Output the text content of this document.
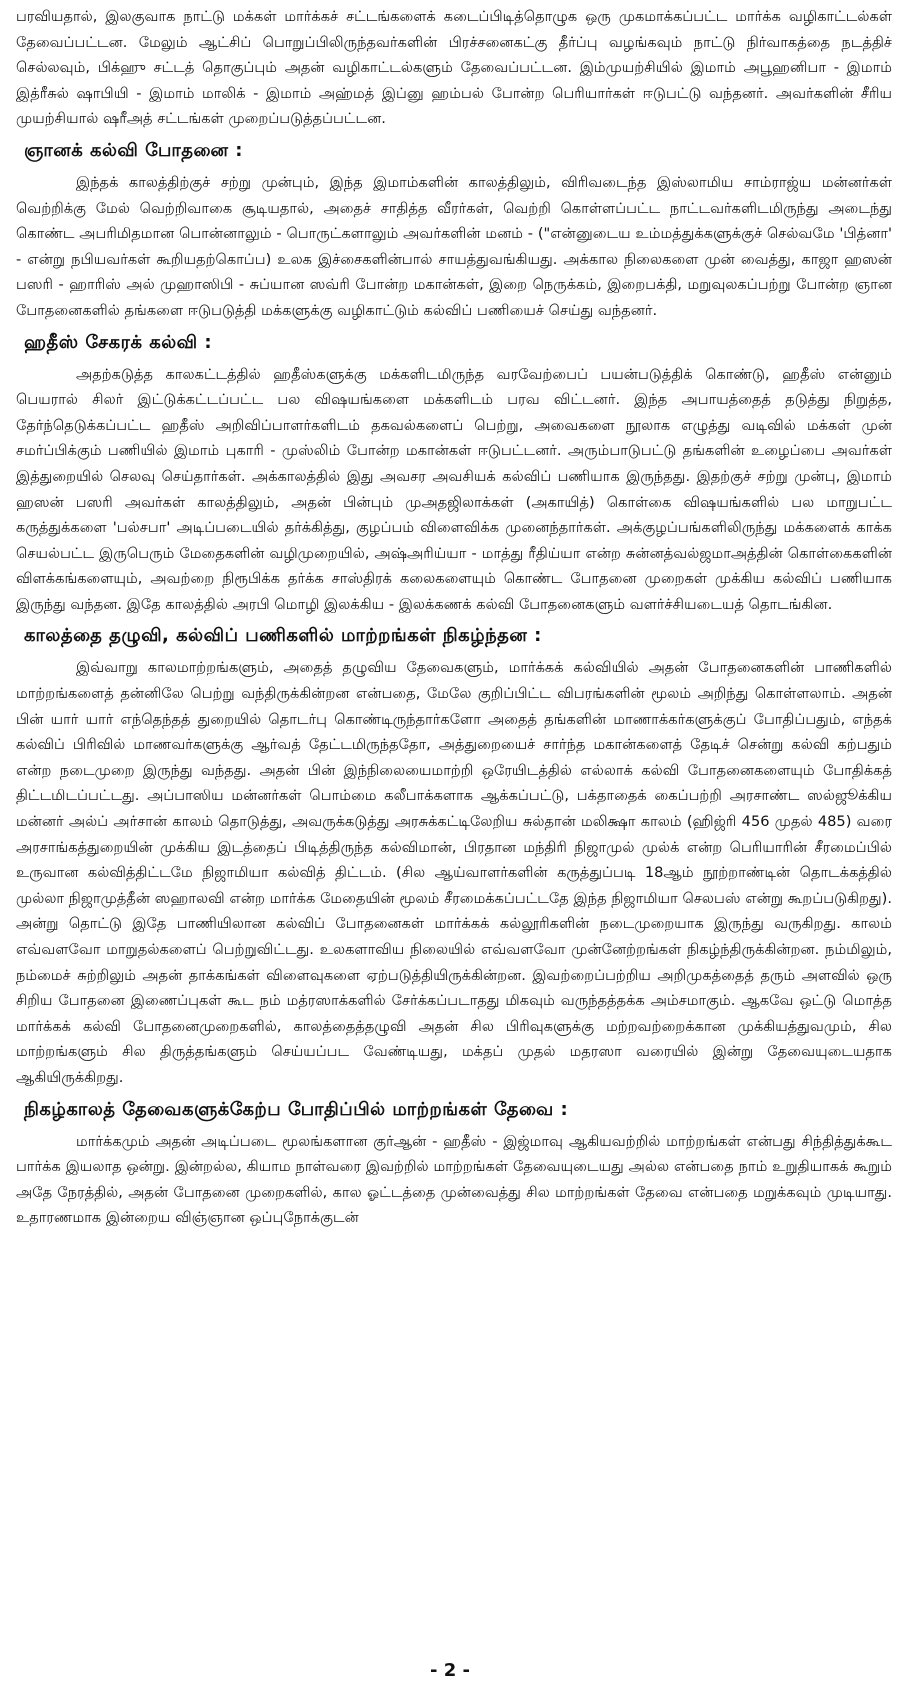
பரவியதால், இலகுவாக நாட்டு மக்கள் மார்க்கச் சட்டங்களைக் கடைப்பிடித்தொழுக ஒரு முகமாக்கப்பட்ட மார்க்க வழிகாட்டல்கள் தேவைப்பட்டன. மேலும் ஆட்சிப் பொறுப்பிலிருந்தவர்களின் பிரச்சனைகட்கு தீர்ப்பு வழங்கவும் நாட்டு நிர்வாகத்தை நடத்திச் செல்லவும், பிக்ஹு சட்டத் தொகுப்பும் அதன் வழிகாட்டல்களும் தேவைப்பட்டன. இம்முயற்சியில் இமாம் அபூஹனிபா - இமாம் இத்ரீசுல் ஷாபியி - இமாம் மாலிக் - இமாம் அஹ்மத் இப்னு ஹம்பல் போன்ற பெரியார்கள் ஈடுபட்டு வந்தனர். அவர்களின் சீரிய முயற்சியால் ஷரீஅத் சட்டங்கள் முறைப்படுத்தப்பட்டன.

ஞானக் கல்வி போதனை :

இந்தக் காலத்திற்குச் சற்று முன்பும், இந்த இமாம்களின் காலத்திலும், விரிவடைந்த இஸ்லாமிய சாம்ராஜ்ய மன்னர்கள் வெற்றிக்கு மேல் வெற்றிவாகை சூடியதால், அதைச் சாதித்த வீரர்கள், வெற்றி கொள்ளப்பட்ட நாட்டவர்களிடமிருந்து அடைந்து கொண்ட அபரிமிதமான பொன்னாலும் - பொருட்களாலும் அவர்களின் மனம் - ("என்னுடைய உம்மத்துக்களுக்குச் செல்வமே 'பித்னா' - என்று நபியவர்கள் கூறியதற்கொப்ப) உலக இச்சைகளின்பால் சாயத்துவங்கியது. அக்கால நிலைகளை முன் வைத்து, காஜா ஹஸன் பஸரி - ஹாரிஸ் அல் முஹாஸிபி - சுப்யான ஸவ்ரி போன்ற மகான்கள், இறை நெருக்கம், இறைபக்தி, மறுவுலகப்பற்று போன்ற ஞான போதனைகளில் தங்களை ஈடுபடுத்தி மக்களுக்கு வழிகாட்டும் கல்விப் பணியைச் செய்து வந்தனர்.

ஹதீஸ் சேகரக் கல்வி :

அதற்கடுத்த காலகட்டத்தில் ஹதீஸ்களுக்கு மக்களிடமிருந்த வரவேற்பைப் பயன்படுத்திக் கொண்டு, ஹதீஸ் என்னும் பெயரால் சிலர் இட்டுக்கட்டப்பட்ட பல விஷயங்களை மக்களிடம் பரவ விட்டனர். இந்த அபாயத்தைத் தடுத்து நிறுத்த, தேர்ந்தெடுக்கப்பட்ட ஹதீஸ் அறிவிப்பாளர்களிடம் தகவல்களைப் பெற்று, அவைகளை நூலாக எழுத்து வடிவில் மக்கள் முன் சமர்ப்பிக்கும் பணியில் இமாம் புகாரி - முஸ்லிம் போன்ற மகான்கள் ஈடுபட்டனர். அரும்பாடுபட்டு தங்களின் உழைப்பை அவர்கள் இத்துறையில் செலவு செய்தார்கள். அக்காலத்தில் இது அவசர அவசியக் கல்விப் பணியாக இருந்தது. இதற்குச் சற்று முன்பு, இமாம் ஹஸன் பஸரி அவர்கள் காலத்திலும், அதன் பின்பும் முஅதஜிலாக்கள் (அகாயித்) கொள்கை விஷயங்களில் பல மாறுபட்ட கருத்துக்களை 'பல்சபா' அடிப்படையில் தர்க்கித்து, குழப்பம் விளைவிக்க முனைந்தார்கள். அக்குழப்பங்களிலிருந்து மக்களைக் காக்க செயல்பட்ட இருபெரும் மேதைகளின் வழிமுறையில், அஷ்அரிய்யா - மாத்து ரீதிய்யா என்ற சுன்னத்வல்ஜமாஅத்தின் கொள்கைகளின் விளக்கங்களையும், அவற்றை நிரூபிக்க தர்க்க சாஸ்திரக் கலைகளையும் கொண்ட போதனை முறைகள் முக்கிய கல்விப் பணியாக இருந்து வந்தன. இதே காலத்தில் அரபி மொழி இலக்கிய - இலக்கணக் கல்வி போதனைகளும் வளர்ச்சியடையத் தொடங்கின.

காலத்தை தழுவி, கல்விப் பணிகளில் மாற்றங்கள் நிகழ்ந்தன :

இவ்வாறு காலமாற்றங்களும், அதைத் தழுவிய தேவைகளும், மார்க்கக் கல்வியில் அதன் போதனைகளின் பாணிகளில் மாற்றங்களைத் தன்னிலே பெற்று வந்திருக்கின்றன என்பதை, மேலே குறிப்பிட்ட விபரங்களின் மூலம் அறிந்து கொள்ளலாம். அதன் பின் யார் யார் எந்தெந்தத் துறையில் தொடர்பு கொண்டிருந்தார்களோ அதைத் தங்களின் மாணாக்கர்களுக்குப் போதிப்பதும், எந்தக் கல்விப் பிரிவில் மாணவர்களுக்கு ஆர்வத் தேட்டமிருந்ததோ, அத்துறையைச் சார்ந்த மகான்களைத் தேடிச் சென்று கல்வி கற்பதும் என்ற நடைமுறை இருந்து வந்தது. அதன் பின் இந்நிலையைமாற்றி ஒரேயிடத்தில் எல்லாக் கல்வி போதனைகளையும் போதிக்கத் திட்டமிடப்பட்டது. அப்பாஸிய மன்னர்கள் பொம்மை கலீபாக்களாக ஆக்கப்பட்டு, பக்தாதைக் கைப்பற்றி அரசாண்ட ஸல்ஜூக்கிய மன்னர் அல்ப் அர்சான் காலம் தொடுத்து, அவருக்கடுத்து அரசுக்கட்டிலேறிய சுல்தான் மலிக்ஷா காலம் (ஹிஜ்ரி 456 முதல் 485) வரை அரசாங்கத்துறையின் முக்கிய இடத்தைப் பிடித்திருந்த கல்விமான், பிரதான மந்திரி நிஜாமுல் முல்க் என்ற பெரியாரின் சீரமைப்பில் உருவான கல்வித்திட்டமே நிஜாமியா கல்வித் திட்டம். (சில ஆய்வாளர்களின் கருத்துப்படி 18ஆம் நூற்றாண்டின் தொடக்கத்தில் முல்லா நிஜாமுத்தீன் ஸஹாலவி என்ற மார்க்க மேதையின் மூலம் சீரமைக்கப்பட்டதே இந்த நிஜாமியா செலபஸ் என்று கூறப்படுகிறது). அன்று தொட்டு இதே பாணியிலான கல்விப் போதனைகள் மார்க்கக் கல்லூரிகளின் நடைமுறையாக இருந்து வருகிறது. காலம் எவ்வளவோ மாறுதல்களைப் பெற்றுவிட்டது. உலகளாவிய நிலையில் எவ்வளவோ முன்னேற்றங்கள் நிகழ்ந்திருக்கின்றன. நம்மிலும், நம்மைச் சுற்றிலும் அதன் தாக்கங்கள் விளைவுகளை ஏற்படுத்தியிருக்கின்றன. இவற்றைப்பற்றிய அறிமுகத்தைத் தரும் அளவில் ஒரு சிறிய போதனை இணைப்புகள் கூட நம் மத்ரஸாக்களில் சேர்க்கப்படாதது மிகவும் வருந்தத்தக்க அம்சமாகும். ஆகவே ஒட்டு மொத்த மார்க்கக் கல்வி போதனைமுறைகளில், காலத்தைத்தழுவி அதன் சில பிரிவுகளுக்கு மற்றவற்றைக்கான முக்கியத்துவமும், சில மாற்றங்களும் சில திருத்தங்களும் செய்யப்பட வேண்டியது, மக்தப் முதல் மதரஸா வரையில் இன்று தேவையுடையதாக ஆகியிருக்கிறது.

நிகழ்காலத் தேவைகளுக்கேற்ப போதிப்பில் மாற்றங்கள் தேவை :

மார்க்கமும் அதன் அடிப்படை மூலங்களான குர்ஆன் - ஹதீஸ் - இஜ்மாவு ஆகியவற்றில் மாற்றங்கள் என்பது சிந்தித்துக்கூட பார்க்க இயலாத ஒன்று. இன்றல்ல, கியாம நாள்வரை இவற்றில் மாற்றங்கள் தேவையுடையது அல்ல என்பதை நாம் உறுதியாகக் கூறும் அதே நேரத்தில், அதன் போதனை முறைகளில், கால ஓட்டத்தை முன்வைத்து சில மாற்றங்கள் தேவை என்பதை மறுக்கவும் முடியாது. உதாரணமாக இன்றைய விஞ்ஞான ஒப்புநோக்குடன்

- 2 -
